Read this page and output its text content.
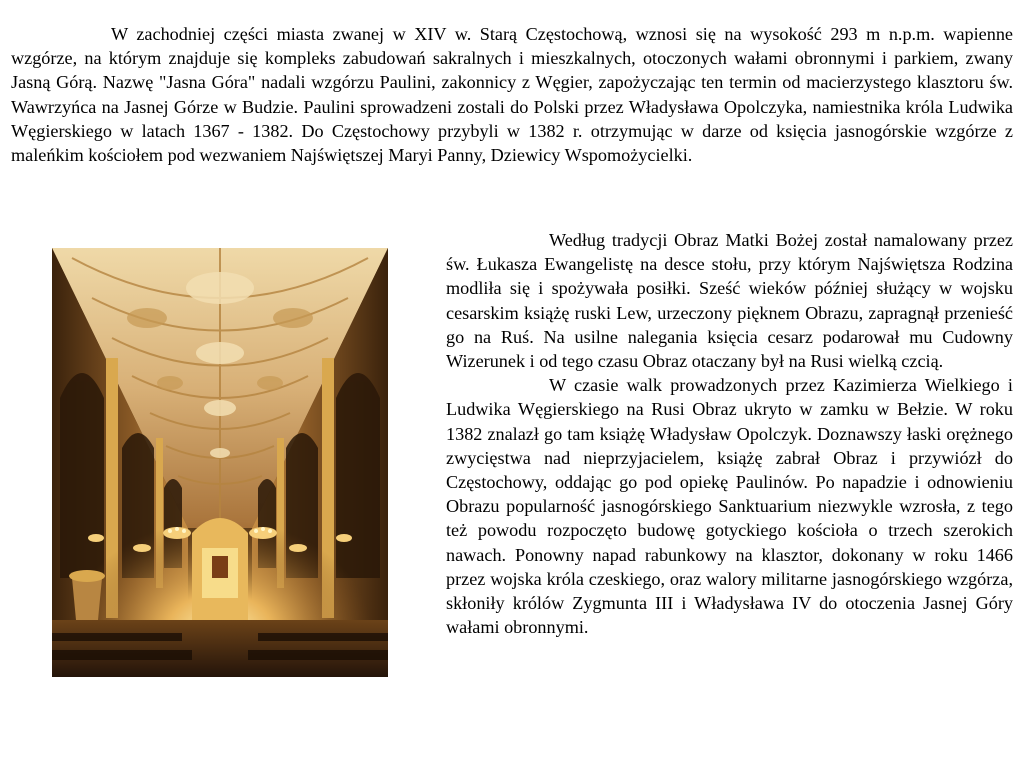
W zachodniej części miasta zwanej w XIV w. Starą Częstochową, wznosi się na wysokość 293 m n.p.m. wapienne wzgórze, na którym znajduje się kompleks zabudowań sakralnych i mieszkalnych, otoczonych wałami obronnymi i parkiem, zwany Jasną Górą. Nazwę "Jasna Góra" nadali wzgórzu Paulini, zakonnicy z Węgier, zapożyczając ten termin od macierzystego klasztoru św. Wawrzyńca na Jasnej Górze w Budzie. Paulini sprowadzeni zostali do Polski przez Władysława Opolczyka, namiestnika króla Ludwika Węgierskiego w latach 1367 - 1382. Do Częstochowy przybyli w 1382 r. otrzymując w darze od księcia jasnogórskie wzgórze z maleńkim kościołem pod wezwaniem Najświętszej Maryi Panny, Dziewicy Wspomożycielki.

Według tradycji Obraz Matki Bożej został namalowany przez św. Łukasza Ewangelistę na desce stołu, przy którym Najświętsza Rodzina modliła się i spożywała posiłki. Sześć wieków później służący w wojsku cesarskim książę ruski Lew, urzeczony pięknem Obrazu, zapragnął przenieść go na Ruś. Na usilne nalegania księcia cesarz podarował mu Cudowny Wizerunek i od tego czasu Obraz otaczany był na Rusi wielką czcią.

W czasie walk prowadzonych przez Kazimierza Wielkiego i Ludwika Węgierskiego na Rusi Obraz ukryto w zamku w Bełzie. W roku 1382 znalazł go tam książę Władysław Opolczyk. Doznawszy łaski orężnego zwycięstwa nad nieprzyjacielem, książę zabrał Obraz i przywiózł do Częstochowy, oddając go pod opiekę Paulinów. Po napadzie i odnowieniu Obrazu popularność jasnogórskiego Sanktuarium niezwykle wzrosła, z tego też powodu rozpoczęto budowę gotyckiego kościoła o trzech szerokich nawach. Ponowny napad rabunkowy na klasztor, dokonany w roku 1466 przez wojska króla czeskiego, oraz walory militarne jasnogórskiego wzgórza, skłoniły królów Zygmunta III i Władysława IV do otoczenia Jasnej Góry wałami obronnymi.
